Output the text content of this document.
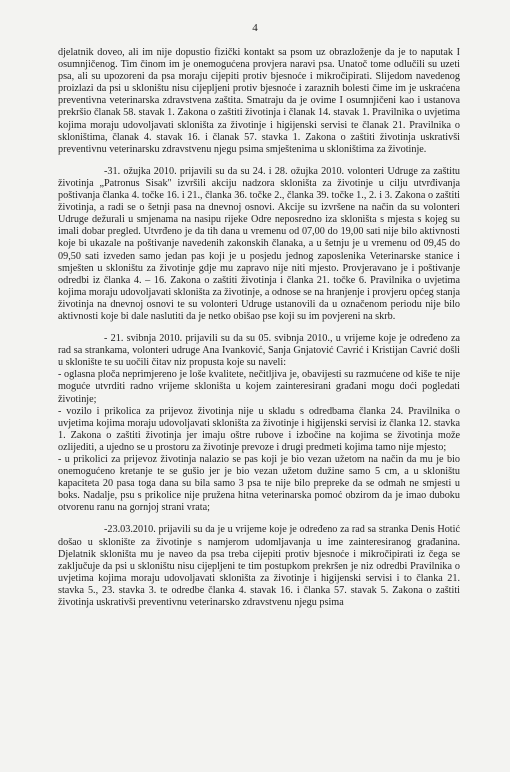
4

djelatnik doveo, ali im nije dopustio fizički kontakt sa psom uz obrazloženje da je to naputak I osumnjičenog. Tim činom im je onemogućena provjera naravi psa. Unatoč tome odlučili su uzeti psa, ali su upozoreni da psa moraju cijepiti protiv bjesnoće i mikročipirati. Slijedom navedenog proizlazi da psi u skloništu nisu cijepljeni protiv bjesnoće i zaraznih bolesti čime im je uskraćena preventivna veterinarska zdravstvena zaštita. Smatraju da je ovime I osumnjičeni kao i ustanova prekršio članak 58. stavak 1. Zakona o zaštiti životinja i članak 14. stavak 1. Pravilnika o uvjetima kojima moraju udovoljavati skloništa za životinje i higijenski servisi te članak 21. Pravilnika o skloništima, članak 4. stavak 16. i članak 57. stavka 1. Zakona o zaštiti životinja uskrativši preventivnu veterinarsku zdravstvenu njegu psima smještenima u skloništima za životinje.

-31. ožujka 2010. prijavili su da su 24. i 28. ožujka 2010. volonteri Udruge za zaštitu životinja „Patronus Sisak" izvršili akciju nadzora skloništa za životinje u cilju utvrđivanja poštivanja članka 4. točke 16. i 21., članka 36. točke 2., članka 39. točke 1., 2. i 3. Zakona o zaštiti životinja, a radi se o šetnji pasa na dnevnoj osnovi. Akcije su izvršene na način da su volonteri Udruge dežurali u smjenama na nasipu rijeke Odre neposredno iza skloništa s mjesta s kojeg su imali dobar pregled. Utvrđeno je da tih dana u vremenu od 07,00 do 19,00 sati nije bilo aktivnosti koje bi ukazale na poštivanje navedenih zakonskih članaka, a u šetnju je u vremenu od 09,45 do 09,50 sati izveden samo jedan pas koji je u posjedu jednog zaposlenika Veterinarske stanice i smješten u skloništu za životinje gdje mu zapravo nije niti mjesto. Provjeravano je i poštivanje odredbi iz članka 4. – 16. Zakona o zaštiti životinja i članka 21. točke 6. Pravilnika o uvjetima kojima moraju udovoljavati skloništa za životinje, a odnose se na hranjenje i provjeru općeg stanja životinja na dnevnoj osnovi te su volonteri Udruge ustanovili da u označenom periodu nije bilo aktivnosti koje bi dale naslutiti da je netko obišao pse koji su im povjereni na skrb.

- 21. svibnja 2010. prijavili su da su 05. svibnja 2010., u vrijeme koje je određeno za rad sa strankama, volonteri udruge Ana Ivanković, Sanja Gnjatović Cavrić i Kristijan Cavrić došli u sklonište te su uočili čitav niz propusta koje su naveli:

- oglasna ploča neprimjereno je loše kvalitete, nečitljiva je, obavijesti su razmućene od kiše te nije moguće utvrditi radno vrijeme skloništa u kojem zainteresirani građani mogu doći pogledati životinje;

- vozilo i prikolica za prijevoz životinja nije u skladu s odredbama članka 24. Pravilnika o uvjetima kojima moraju udovoljavati skloništa za životinje i higijenski servisi iz članka 12. stavka 1. Zakona o zaštiti životinja jer imaju oštre rubove i izbočine na kojima se životinja može ozlijediti, a ujedno se u prostoru za životinje prevoze i drugi predmeti kojima tamo nije mjesto;

- u prikolici za prijevoz životinja nalazio se pas koji je bio vezan užetom na način da mu je bio onemogućeno kretanje te se gušio jer je bio vezan užetom dužine samo 5 cm, a u skloništu kapaciteta 20 pasa toga dana su bila samo 3 psa te nije bilo prepreke da se odmah ne smjesti u boks. Nadalje, psu s prikolice nije pružena hitna veterinarska pomoć obzirom da je imao duboku otvorenu ranu na gornjoj strani vrata;

-23.03.2010. prijavili su da je u vrijeme koje je određeno za rad sa stranka Denis Hotić došao u sklonište za životinje s namjerom udomljavanja u ime zainteresiranog građanina. Djelatnik skloništa mu je naveo da psa treba cijepiti protiv bjesnoće i mikročipirati iz čega se zaključuje da psi u skloništu nisu cijepljeni te tim postupkom prekršen je niz odredbi Pravilnika o uvjetima kojima moraju udovoljavati skloništa za životinje i higijenski servisi i to članka 21. stavka 5., 23. stavka 3. te odredbe članka 4. stavak 16. i članka 57. stavak 5. Zakona o zaštiti životinja uskrativši preventivnu veterinarsko zdravstvenu njegu psima
